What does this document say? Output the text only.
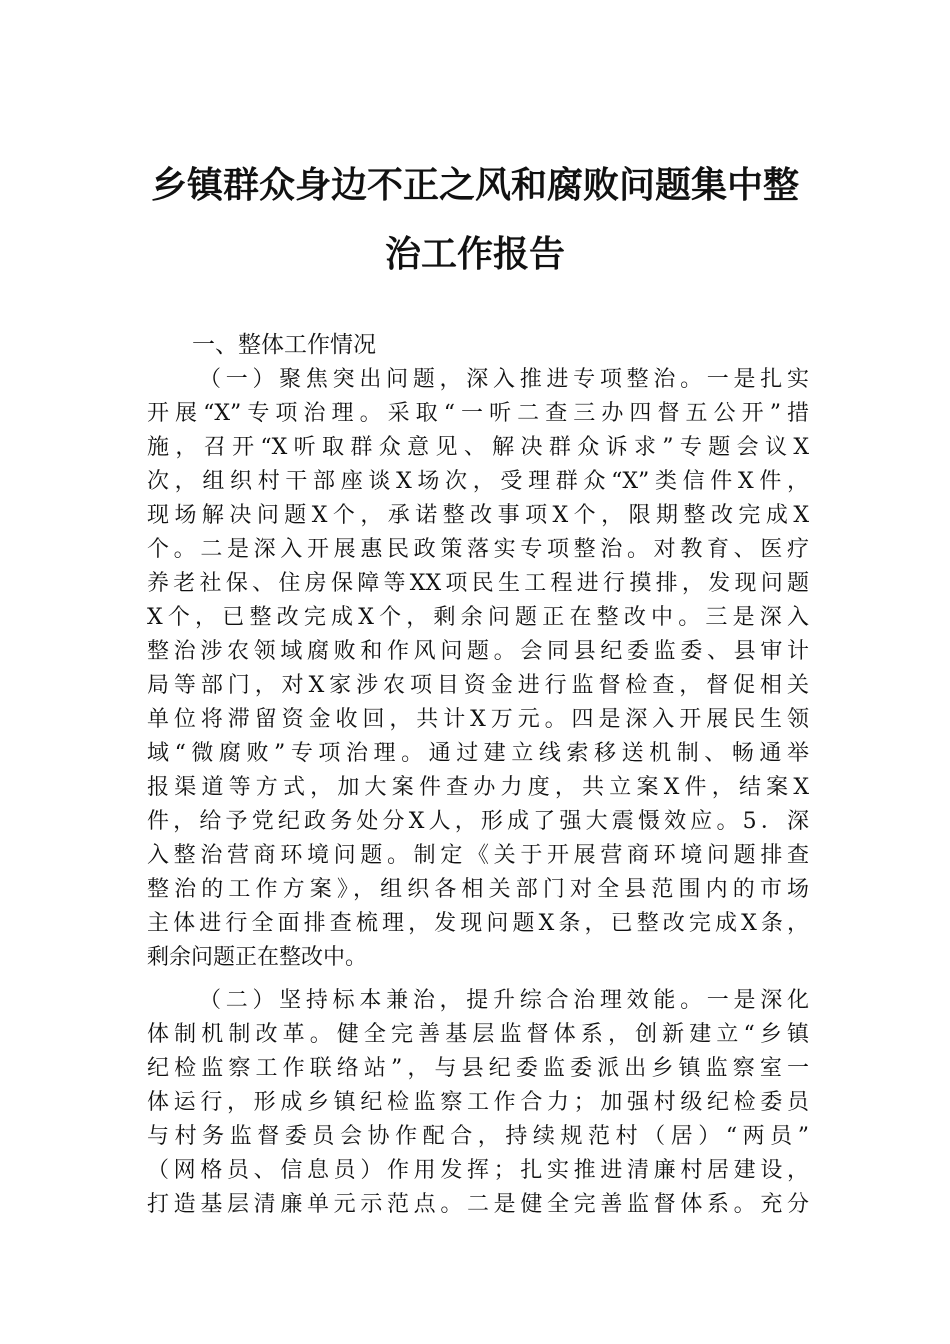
乡镇群众身边不正之风和腐败问题集中整
治工作报告
一、整体工作情况

（一）聚焦突出问题，深入推进专项整治。一是扎实

开展“X”专项治理。采取“一听二查三办四督五公开”措

施，召开“X听取群众意见、解决群众诉求”专题会议X

次，组织村干部座谈X场次，受理群众“X”类信件X件，

现场解决问题X个，承诺整改事项X个，限期整改完成X

个。二是深入开展惠民政策落实专项整治。对教育、医疗

养老社保、住房保障等XX项民生工程进行摸排，发现问题

X个，已整改完成X个，剩余问题正在整改中。三是深入

整治涉农领域腐败和作风问题。会同县纪委监委、县审计

局等部门，对X家涉农项目资金进行监督检查，督促相关

单位将滞留资金收回，共计X万元。四是深入开展民生领

域“微腐败”专项治理。通过建立线索移送机制、畅通举

报渠道等方式，加大案件查办力度，共立案X件，结案X

件，给予党纪政务处分X人，形成了强大震慑效应。5．深

入整治营商环境问题。制定《关于开展营商环境问题排查

整治的工作方案》，组织各相关部门对全县范围内的市场

主体进行全面排查梳理，发现问题X条，已整改完成X条，

剩余问题正在整改中。

（二）坚持标本兼治，提升综合治理效能。一是深化

体制机制改革。健全完善基层监督体系，创新建立“乡镇

纪检监察工作联络站”，与县纪委监委派出乡镇监察室一

体运行，形成乡镇纪检监察工作合力；加强村级纪检委员

与村务监督委员会协作配合，持续规范村（居）“两员”

（网格员、信息员）作用发挥；扎实推进清廉村居建设，

打造基层清廉单元示范点。二是健全完善监督体系。充分
